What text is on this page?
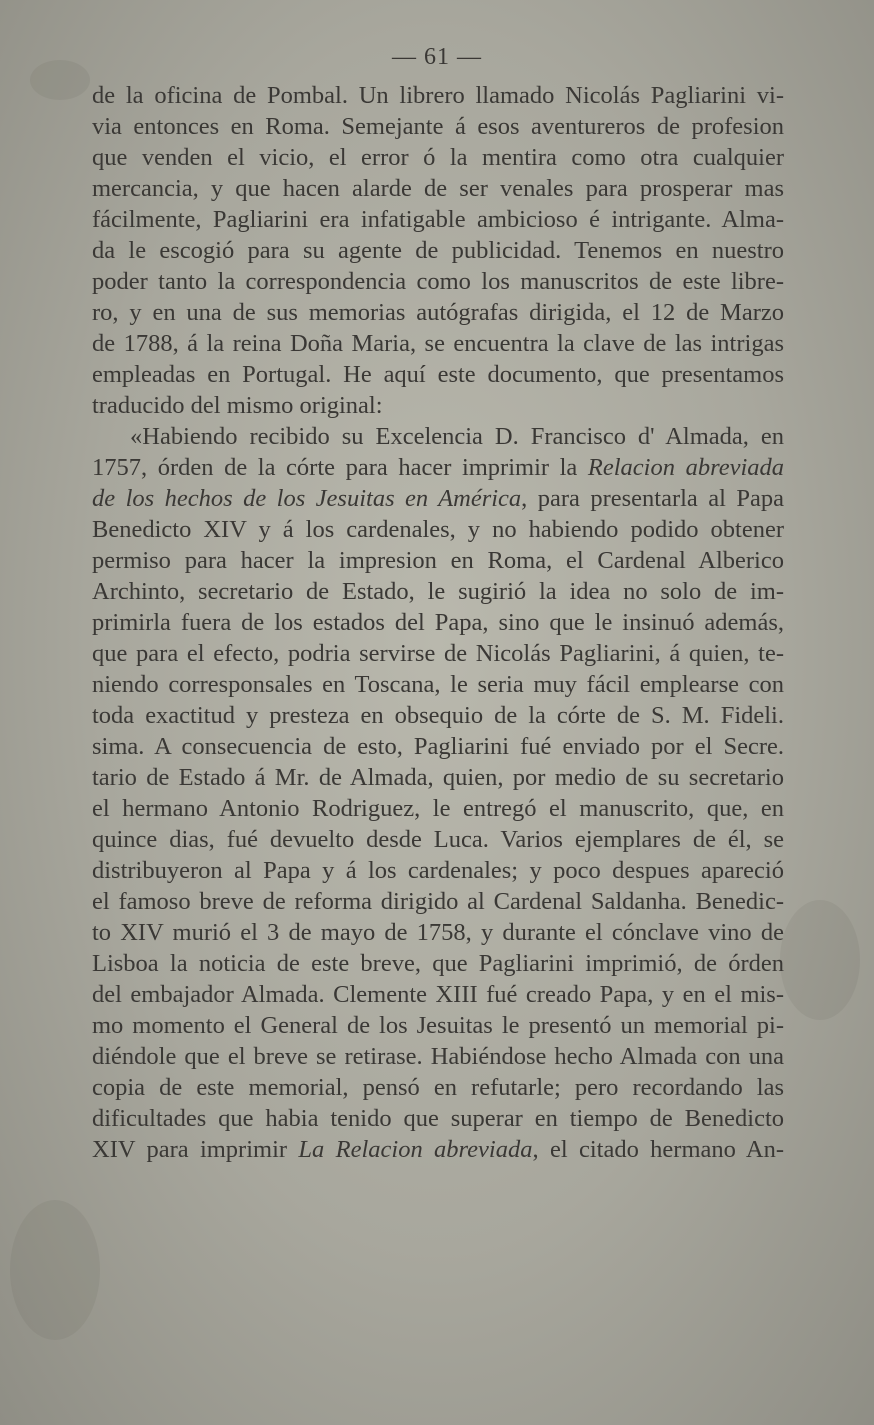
— 61 —
de la oficina de Pombal. Un librero llamado Nicolás Pagliarini vi-
via entonces en Roma. Semejante á esos aventureros de profesion
que venden el vicio, el error ó la mentira como otra cualquier
mercancia, y que hacen alarde de ser venales para prosperar mas
fácilmente, Pagliarini era infatigable ambicioso é intrigante. Alma-
da le escogió para su agente de publicidad. Tenemos en nuestro
poder tanto la correspondencia como los manuscritos de este libre-
ro, y en una de sus memorias autógrafas dirigida, el 12 de Marzo
de 1788, á la reina Doña Maria, se encuentra la clave de las intrigas
empleadas en Portugal. He aquí este documento, que presentamos
traducido del mismo original:
«Habiendo recibido su Excelencia D. Francisco d' Almada, en
1757, órden de la córte para hacer imprimir la Relacion abreviada
de los hechos de los Jesuitas en América, para presentarla al Papa
Benedicto XIV y á los cardenales, y no habiendo podido obtener
permiso para hacer la impresion en Roma, el Cardenal Alberico
Archinto, secretario de Estado, le sugirió la idea no solo de im-
primirla fuera de los estados del Papa, sino que le insinuó además,
que para el efecto, podria servirse de Nicolás Pagliarini, á quien, te-
niendo corresponsales en Toscana, le seria muy fácil emplearse con
toda exactitud y presteza en obsequio de la córte de S. M. Fideli.
sima. A consecuencia de esto, Pagliarini fué enviado por el Secre.
tario de Estado á Mr. de Almada, quien, por medio de su secretario
el hermano Antonio Rodriguez, le entregó el manuscrito, que, en
quince dias, fué devuelto desde Luca. Varios ejemplares de él, se
distribuyeron al Papa y á los cardenales; y poco despues apareció
el famoso breve de reforma dirigido al Cardenal Saldanha. Benedic-
to XIV murió el 3 de mayo de 1758, y durante el cónclave vino de
Lisboa la noticia de este breve, que Pagliarini imprimió, de órden
del embajador Almada. Clemente XIII fué creado Papa, y en el mis-
mo momento el General de los Jesuitas le presentó un memorial pi-
diéndole que el breve se retirase. Habiéndose hecho Almada con una
copia de este memorial, pensó en refutarle; pero recordando las
dificultades que habia tenido que superar en tiempo de Benedicto
XIV para imprimir La Relacion abreviada, el citado hermano An-
